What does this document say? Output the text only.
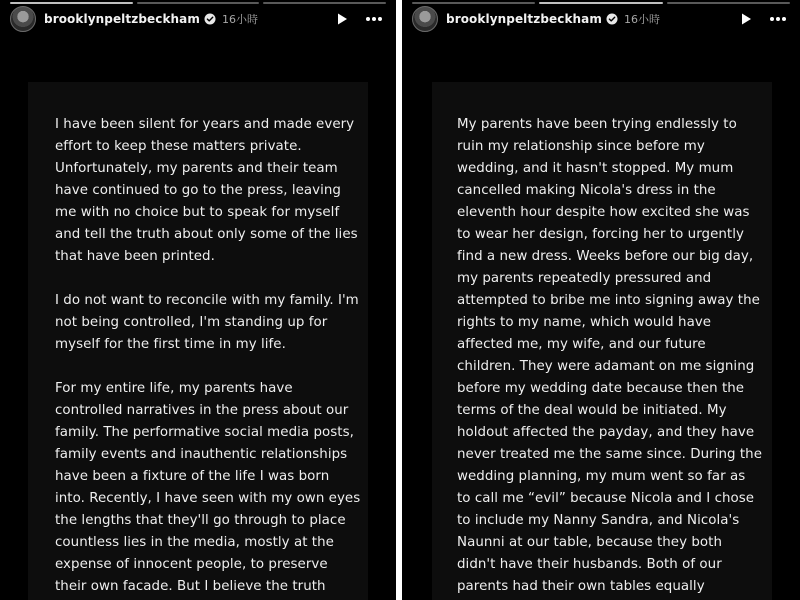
brooklynpeltzbeckham 16小時

I have been silent for years and made every
effort to keep these matters private.
Unfortunately, my parents and their team
have continued to go to the press, leaving
me with no choice but to speak for myself
and tell the truth about only some of the lies
that have been printed.

I do not want to reconcile with my family. I'm
not being controlled, I'm standing up for
myself for the first time in my life.

For my entire life, my parents have
controlled narratives in the press about our
family. The performative social media posts,
family events and inauthentic relationships
have been a fixture of the life I was born
into. Recently, I have seen with my own eyes
the lengths that they'll go through to place
countless lies in the media, mostly at the
expense of innocent people, to preserve
their own facade. But I believe the truth

brooklynpeltzbeckham 16小時

My parents have been trying endlessly to
ruin my relationship since before my
wedding, and it hasn't stopped. My mum
cancelled making Nicola's dress in the
eleventh hour despite how excited she was
to wear her design, forcing her to urgently
find a new dress. Weeks before our big day,
my parents repeatedly pressured and
attempted to bribe me into signing away the
rights to my name, which would have
affected me, my wife, and our future
children. They were adamant on me signing
before my wedding date because then the
terms of the deal would be initiated. My
holdout affected the payday, and they have
never treated me the same since. During the
wedding planning, my mum went so far as
to call me “evil” because Nicola and I chose
to include my Nanny Sandra, and Nicola's
Naunni at our table, because they both
didn't have their husbands. Both of our
parents had their own tables equally
